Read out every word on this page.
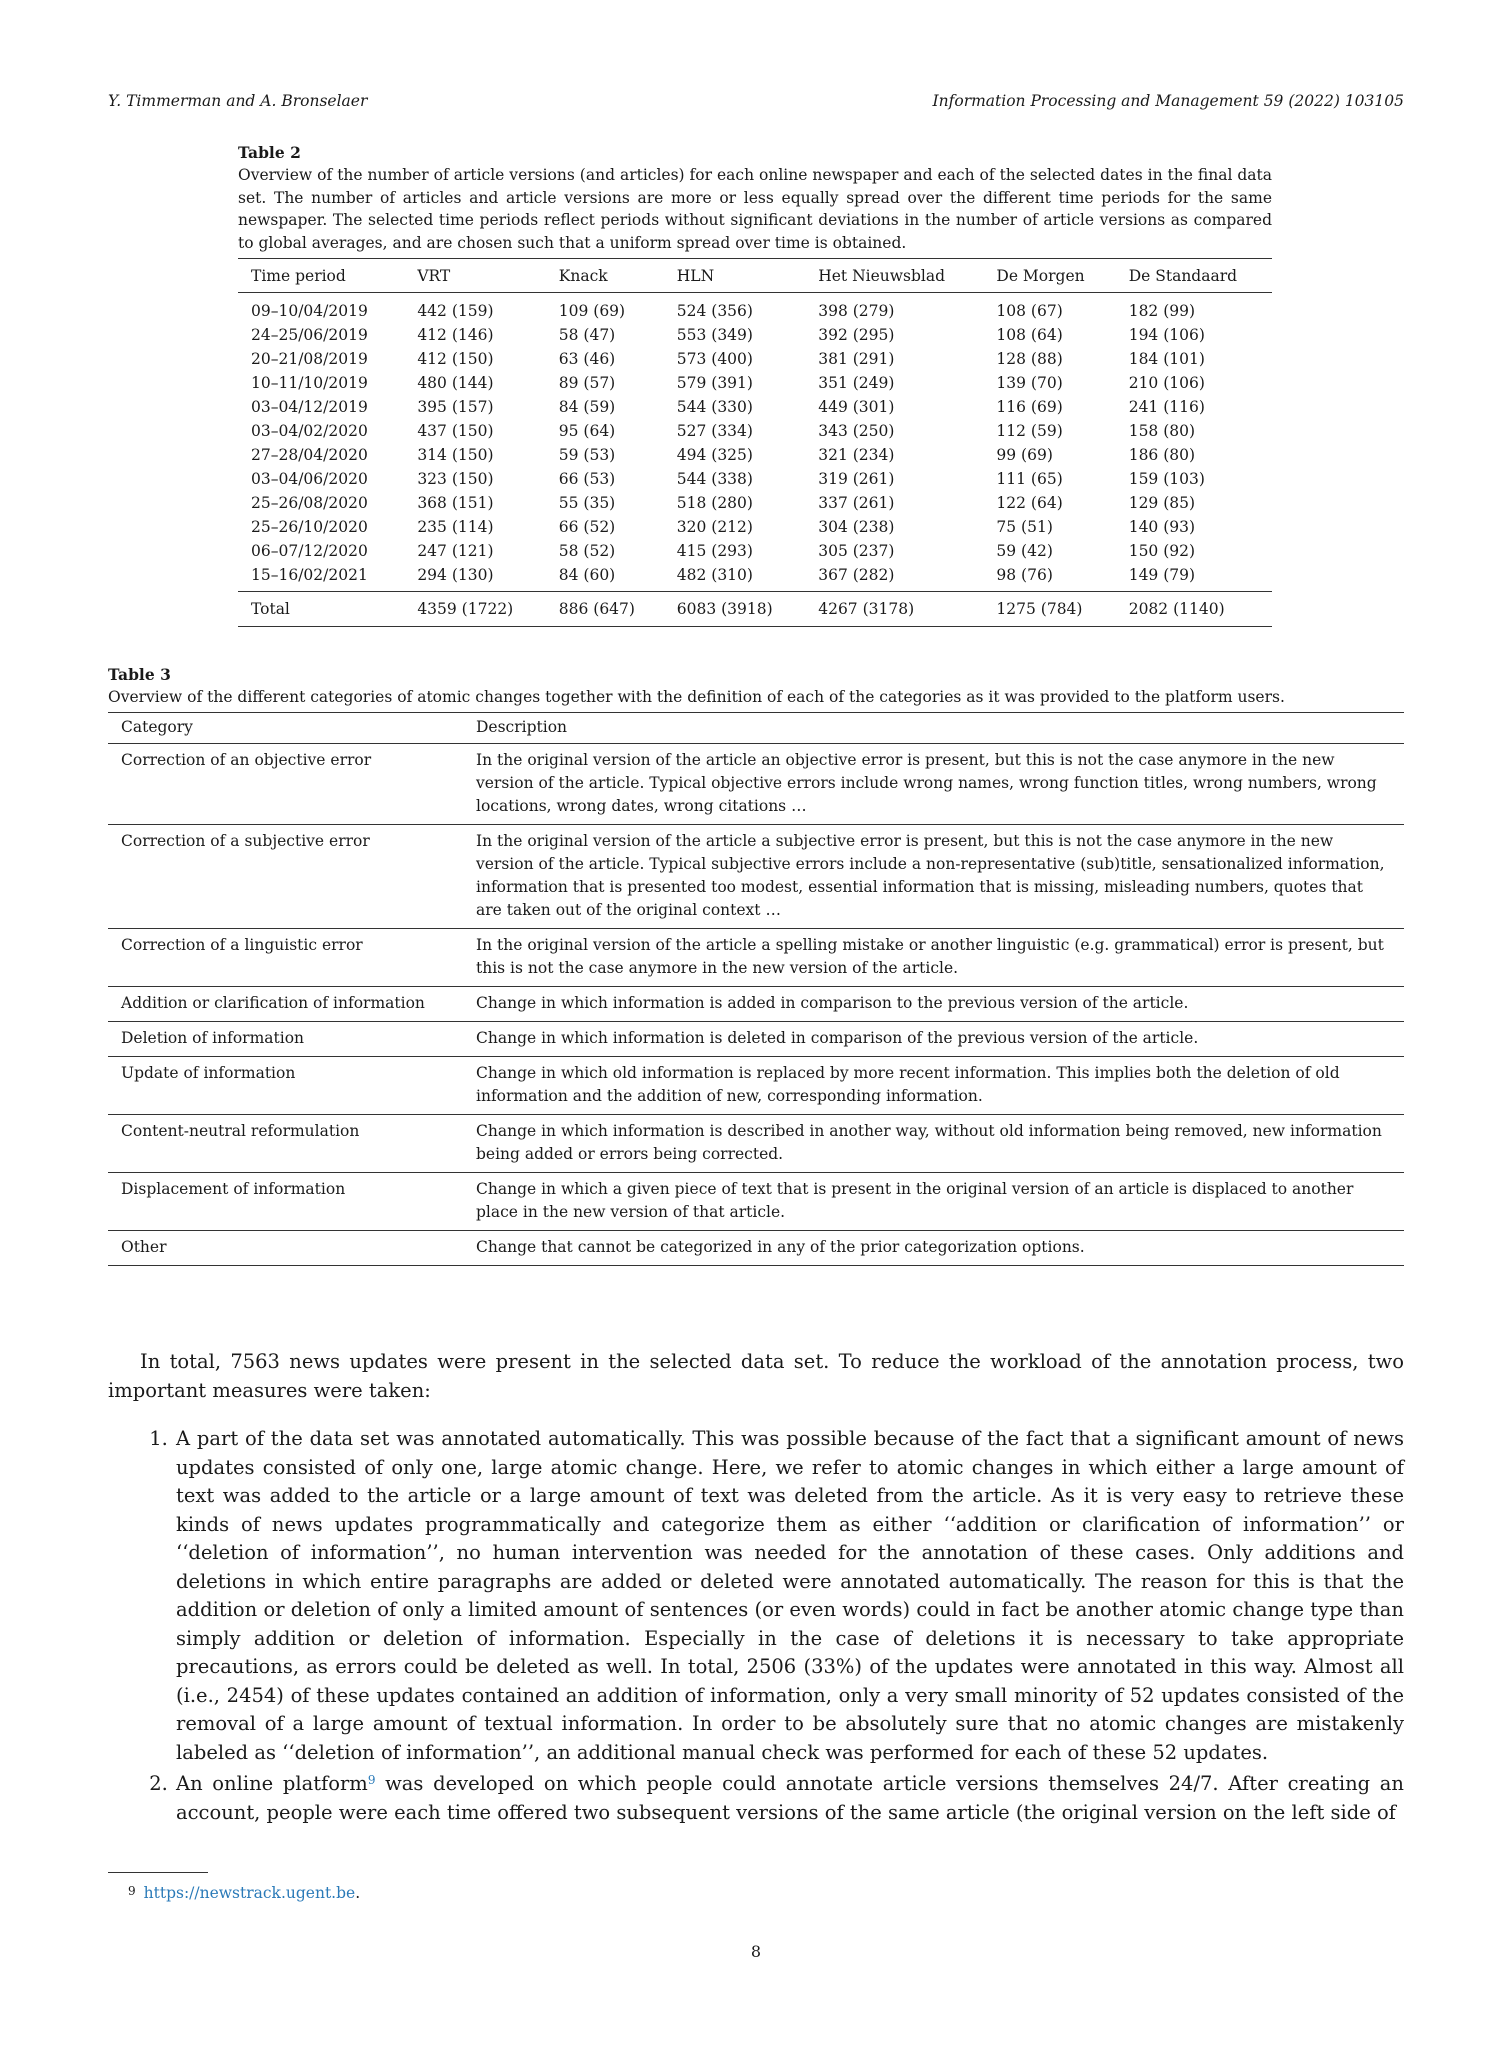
Y. Timmerman and A. Bronselaer	Information Processing and Management 59 (2022) 103105
Table 2
Overview of the number of article versions (and articles) for each online newspaper and each of the selected dates in the final data set. The number of articles and article versions are more or less equally spread over the different time periods for the same newspaper. The selected time periods reflect periods without significant deviations in the number of article versions as compared to global averages, and are chosen such that a uniform spread over time is obtained.
Time period	VRT	Knack	HLN	Het Nieuwsblad	De Morgen	De Standaard
09–10/04/2019	442 (159)	109 (69)	524 (356)	398 (279)	108 (67)	182 (99)
24–25/06/2019	412 (146)	58 (47)	553 (349)	392 (295)	108 (64)	194 (106)
20–21/08/2019	412 (150)	63 (46)	573 (400)	381 (291)	128 (88)	184 (101)
10–11/10/2019	480 (144)	89 (57)	579 (391)	351 (249)	139 (70)	210 (106)
03–04/12/2019	395 (157)	84 (59)	544 (330)	449 (301)	116 (69)	241 (116)
03–04/02/2020	437 (150)	95 (64)	527 (334)	343 (250)	112 (59)	158 (80)
27–28/04/2020	314 (150)	59 (53)	494 (325)	321 (234)	99 (69)	186 (80)
03–04/06/2020	323 (150)	66 (53)	544 (338)	319 (261)	111 (65)	159 (103)
25–26/08/2020	368 (151)	55 (35)	518 (280)	337 (261)	122 (64)	129 (85)
25–26/10/2020	235 (114)	66 (52)	320 (212)	304 (238)	75 (51)	140 (93)
06–07/12/2020	247 (121)	58 (52)	415 (293)	305 (237)	59 (42)	150 (92)
15–16/02/2021	294 (130)	84 (60)	482 (310)	367 (282)	98 (76)	149 (79)
Total	4359 (1722)	886 (647)	6083 (3918)	4267 (3178)	1275 (784)	2082 (1140)
Table 3
Overview of the different categories of atomic changes together with the definition of each of the categories as it was provided to the platform users.
Category	Description
Correction of an objective error	In the original version of the article an objective error is present, but this is not the case anymore in the new version of the article. Typical objective errors include wrong names, wrong function titles, wrong numbers, wrong locations, wrong dates, wrong citations …
Correction of a subjective error	In the original version of the article a subjective error is present, but this is not the case anymore in the new version of the article. Typical subjective errors include a non-representative (sub)title, sensationalized information, information that is presented too modest, essential information that is missing, misleading numbers, quotes that are taken out of the original context …
Correction of a linguistic error	In the original version of the article a spelling mistake or another linguistic (e.g. grammatical) error is present, but this is not the case anymore in the new version of the article.
Addition or clarification of information	Change in which information is added in comparison to the previous version of the article.
Deletion of information	Change in which information is deleted in comparison of the previous version of the article.
Update of information	Change in which old information is replaced by more recent information. This implies both the deletion of old information and the addition of new, corresponding information.
Content-neutral reformulation	Change in which information is described in another way, without old information being removed, new information being added or errors being corrected.
Displacement of information	Change in which a given piece of text that is present in the original version of an article is displaced to another place in the new version of that article.
Other	Change that cannot be categorized in any of the prior categorization options.

In total, 7563 news updates were present in the selected data set. To reduce the workload of the annotation process, two important measures were taken:

1. A part of the data set was annotated automatically. This was possible because of the fact that a significant amount of news updates consisted of only one, large atomic change. Here, we refer to atomic changes in which either a large amount of text was added to the article or a large amount of text was deleted from the article. As it is very easy to retrieve these kinds of news updates programmatically and categorize them as either ‘‘addition or clarification of information’’ or ‘‘deletion of information’’, no human intervention was needed for the annotation of these cases. Only additions and deletions in which entire paragraphs are added or deleted were annotated automatically. The reason for this is that the addition or deletion of only a limited amount of sentences (or even words) could in fact be another atomic change type than simply addition or deletion of information. Especially in the case of deletions it is necessary to take appropriate precautions, as errors could be deleted as well. In total, 2506 (33%) of the updates were annotated in this way. Almost all (i.e., 2454) of these updates contained an addition of information, only a very small minority of 52 updates consisted of the removal of a large amount of textual information. In order to be absolutely sure that no atomic changes are mistakenly labeled as ‘‘deletion of information’’, an additional manual check was performed for each of these 52 updates.
2. An online platform$^9$ was developed on which people could annotate article versions themselves 24/7. After creating an account, people were each time offered two subsequent versions of the same article (the original version on the left side of
$^9$ https://newstrack.ugent.be.
8
